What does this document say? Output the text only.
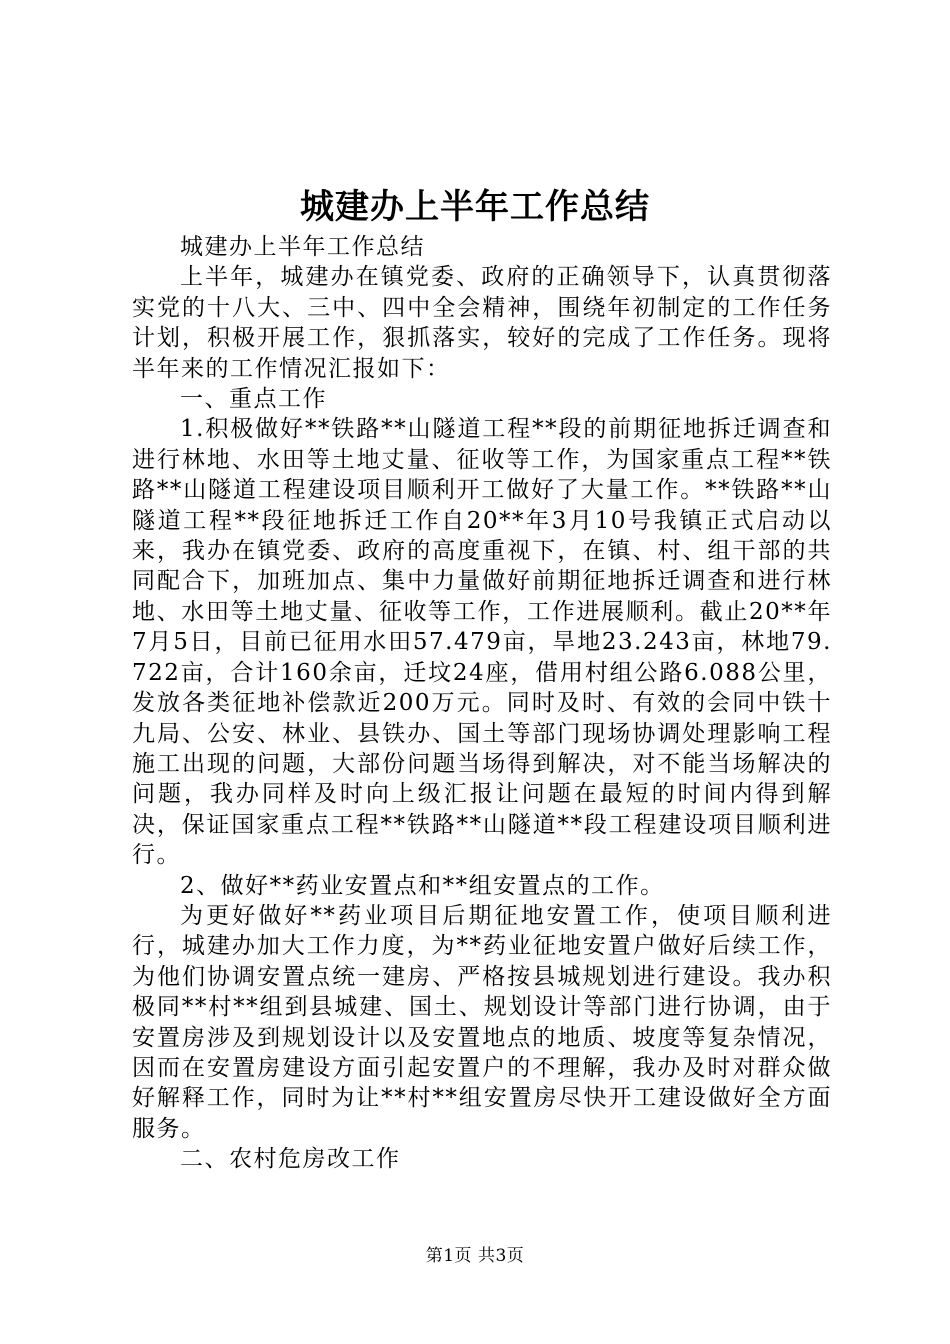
城建办上半年工作总结

城建办上半年工作总结

上半年，城建办在镇党委、政府的正确领导下，认真贯彻落实党的十八大、三中、四中全会精神，围绕年初制定的工作任务计划，积极开展工作，狠抓落实，较好的完成了工作任务。现将半年来的工作情况汇报如下：

一、重点工作

1.积极做好**铁路**山隧道工程**段的前期征地拆迁调查和进行林地、水田等土地丈量、征收等工作，为国家重点工程**铁路**山隧道工程建设项目顺利开工做好了大量工作。**铁路**山隧道工程**段征地拆迁工作自20**年3月10号我镇正式启动以来，我办在镇党委、政府的高度重视下，在镇、村、组干部的共同配合下，加班加点、集中力量做好前期征地拆迁调查和进行林地、水田等土地丈量、征收等工作，工作进展顺利。截止20**年7月5日，目前已征用水田57.479亩，旱地23.243亩，林地79.722亩，合计160余亩，迁坟24座，借用村组公路6.088公里，发放各类征地补偿款近200万元。同时及时、有效的会同中铁十九局、公安、林业、县铁办、国土等部门现场协调处理影响工程施工出现的问题，大部份问题当场得到解决，对不能当场解决的问题，我办同样及时向上级汇报让问题在最短的时间内得到解决，保证国家重点工程**铁路**山隧道**段工程建设项目顺利进行。

2、做好**药业安置点和**组安置点的工作。

为更好做好**药业项目后期征地安置工作，使项目顺利进行，城建办加大工作力度，为**药业征地安置户做好后续工作，为他们协调安置点统一建房、严格按县城规划进行建设。我办积极同**村**组到县城建、国土、规划设计等部门进行协调，由于安置房涉及到规划设计以及安置地点的地质、坡度等复杂情况，因而在安置房建设方面引起安置户的不理解，我办及时对群众做好解释工作，同时为让**村**组安置房尽快开工建设做好全方面服务。

二、农村危房改工作

第1页 共3页
